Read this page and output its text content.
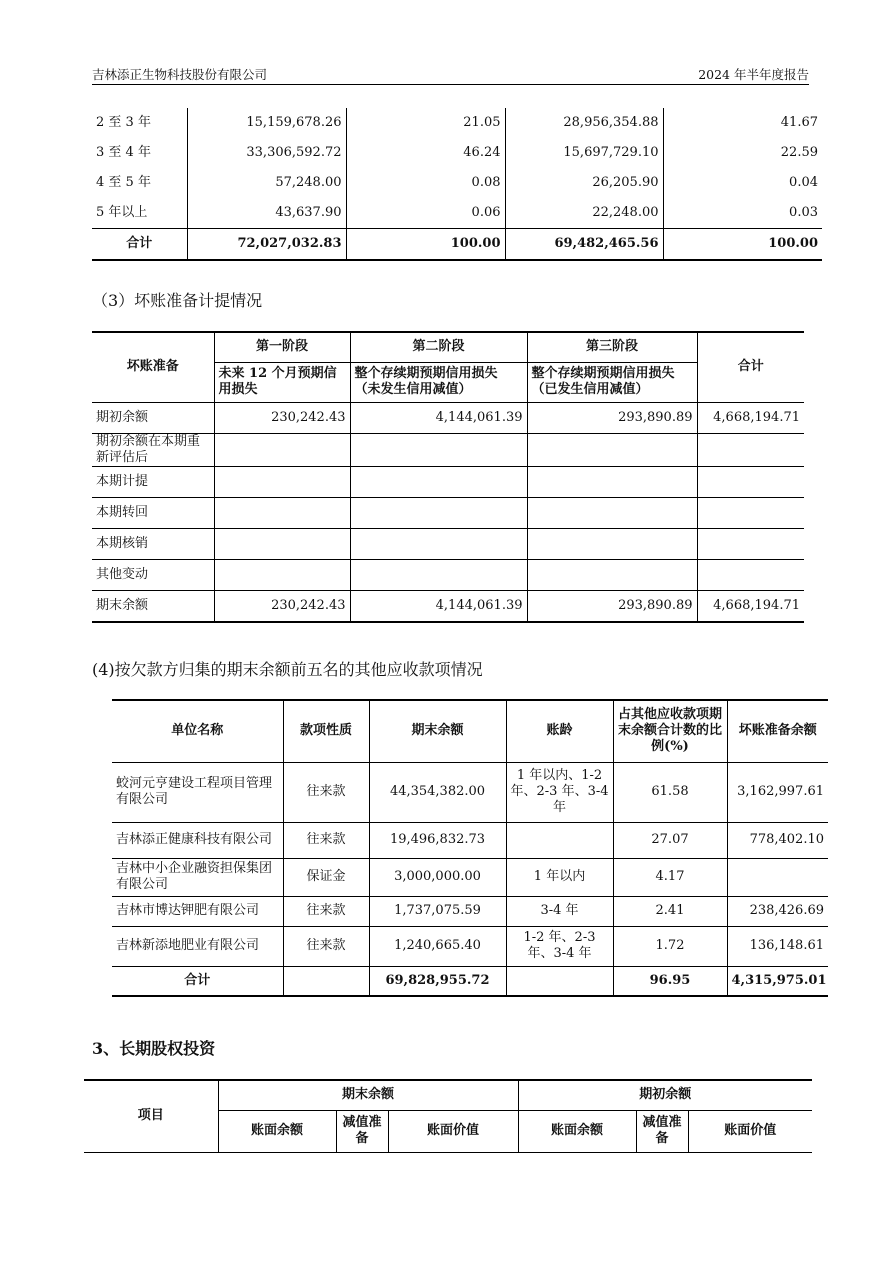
吉林添正生物科技股份有限公司	2024 年半年度报告
2 至 3 年	15,159,678.26	21.05	28,956,354.88	41.67
3 至 4 年	33,306,592.72	46.24	15,697,729.10	22.59
4 至 5 年	57,248.00	0.08	26,205.90	0.04
5 年以上	43,637.90	0.06	22,248.00	0.03
合计	72,027,032.83	100.00	69,482,465.56	100.00
（3）坏账准备计提情况
坏账准备	第一阶段	第二阶段	第三阶段	合计
	未来 12 个月预期信用损失	整个存续期预期信用损失（未发生信用减值）	整个存续期预期信用损失（已发生信用减值）	
期初余额	230,242.43	4,144,061.39	293,890.89	4,668,194.71
期初余额在本期重新评估后				
本期计提				
本期转回				
本期核销				
其他变动				
期末余额	230,242.43	4,144,061.39	293,890.89	4,668,194.71
(4)按欠款方归集的期末余额前五名的其他应收款项情况
单位名称	款项性质	期末余额	账龄	占其他应收款项期末余额合计数的比例(%)	坏账准备余额
蛟河元亨建设工程项目管理有限公司	往来款	44,354,382.00	1 年以内、1-2 年、2-3 年、3-4 年	61.58	3,162,997.61
吉林添正健康科技有限公司	往来款	19,496,832.73		27.07	778,402.10
吉林中小企业融资担保集团有限公司	保证金	3,000,000.00	1 年以内	4.17	
吉林市博达钾肥有限公司	往来款	1,737,075.59	3-4 年	2.41	238,426.69
吉林新添地肥业有限公司	往来款	1,240,665.40	1-2 年、2-3 年、3-4 年	1.72	136,148.61
合计		69,828,955.72		96.95	4,315,975.01
3、长期股权投资
项目	期末余额			期初余额		
	账面余额	减值准备	账面价值	账面余额	减值准备	账面价值
